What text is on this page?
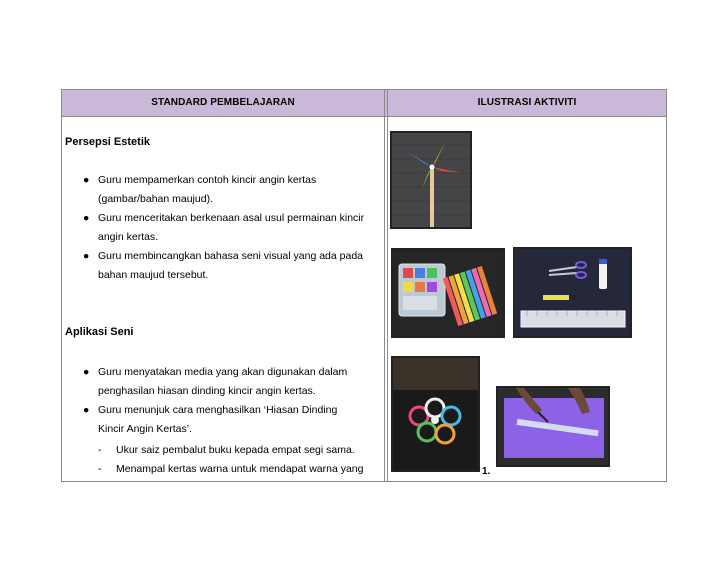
STANDARD PEMBELAJARAN	ILUSTRASI AKTIVITI
Persepsi Estetik
● Guru mempamerkan contoh kincir angin kertas
(gambar/bahan maujud).
● Guru menceritakan berkenaan asal usul permainan kincir
angin kertas.
● Guru membincangkan bahasa seni visual yang ada pada
bahan maujud tersebut.
Aplikasi Seni
● Guru menyatakan media yang akan digunakan dalam
penghasilan hiasan dinding kincir angin kertas.
● Guru menunjuk cara menghasilkan ‘Hiasan Dinding
Kincir Angin Kertas’.
- Ukur saiz pembalut buku kepada empat segi sama.
- Menampal kertas warna untuk mendapat warna yang	1.
